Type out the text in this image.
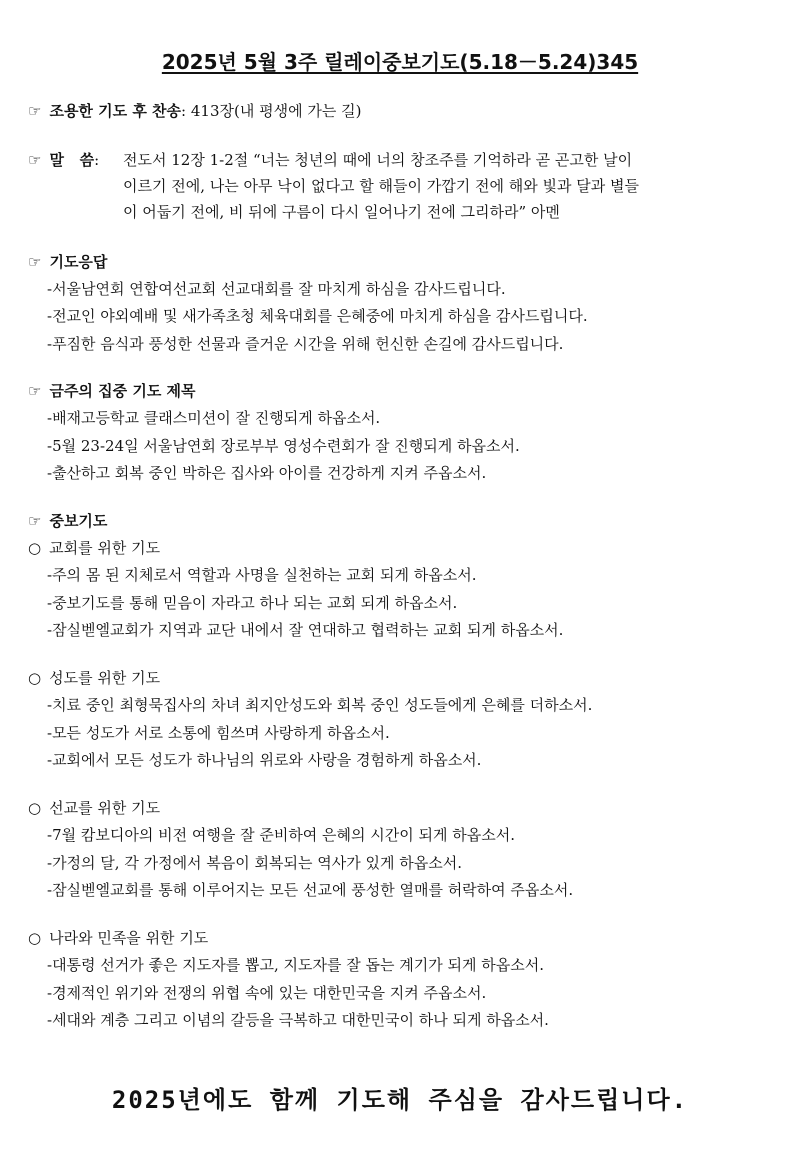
2025년 5월 3주 릴레이중보기도(5.18－5.24)345
☞ 조용한 기도 후 찬송: 413장(내 평생에 가는 길)
☞ 말   씀: 전도서 12장 1-2절 “너는 청년의 때에 너의 창조주를 기억하라 곧 곤고한 날이
이르기 전에, 나는 아무 낙이 없다고 할 해들이 가깝기 전에 해와 빛과 달과 별들
이 어둡기 전에, 비 뒤에 구름이 다시 일어나기 전에 그리하라” 아멘
☞ 기도응답
-서울남연회 연합여선교회 선교대회를 잘 마치게 하심을 감사드립니다.
-전교인 야외예배 및 새가족초청 체육대회를 은혜중에 마치게 하심을 감사드립니다.
-푸짐한 음식과 풍성한 선물과 즐거운 시간을 위해 헌신한 손길에 감사드립니다.
☞ 금주의 집중 기도 제목
-배재고등학교 클래스미션이 잘 진행되게 하옵소서.
-5월 23-24일 서울남연회 장로부부 영성수련회가 잘 진행되게 하옵소서.
-출산하고 회복 중인 박하은 집사와 아이를 건강하게 지켜 주옵소서.
☞ 중보기도
○ 교회를 위한 기도
-주의 몸 된 지체로서 역할과 사명을 실천하는 교회 되게 하옵소서.
-중보기도를 통해 믿음이 자라고 하나 되는 교회 되게 하옵소서.
-잠실벧엘교회가 지역과 교단 내에서 잘 연대하고 협력하는 교회 되게 하옵소서.
○ 성도를 위한 기도
-치료 중인 최형묵집사의 차녀 최지안성도와 회복 중인 성도들에게 은혜를 더하소서.
-모든 성도가 서로 소통에 힘쓰며 사랑하게 하옵소서.
-교회에서 모든 성도가 하나님의 위로와 사랑을 경험하게 하옵소서.
○ 선교를 위한 기도
-7월 캄보디아의 비전 여행을 잘 준비하여 은혜의 시간이 되게 하옵소서.
-가정의 달, 각 가정에서 복음이 회복되는 역사가 있게 하옵소서.
-잠실벧엘교회를 통해 이루어지는 모든 선교에 풍성한 열매를 허락하여 주옵소서.
○ 나라와 민족을 위한 기도
-대통령 선거가 좋은 지도자를 뽑고, 지도자를 잘 돕는 계기가 되게 하옵소서.
-경제적인 위기와 전쟁의 위협 속에 있는 대한민국을 지켜 주옵소서.
-세대와 계층 그리고 이념의 갈등을 극복하고 대한민국이 하나 되게 하옵소서.
2025년에도 함께 기도해 주심을 감사드립니다.
